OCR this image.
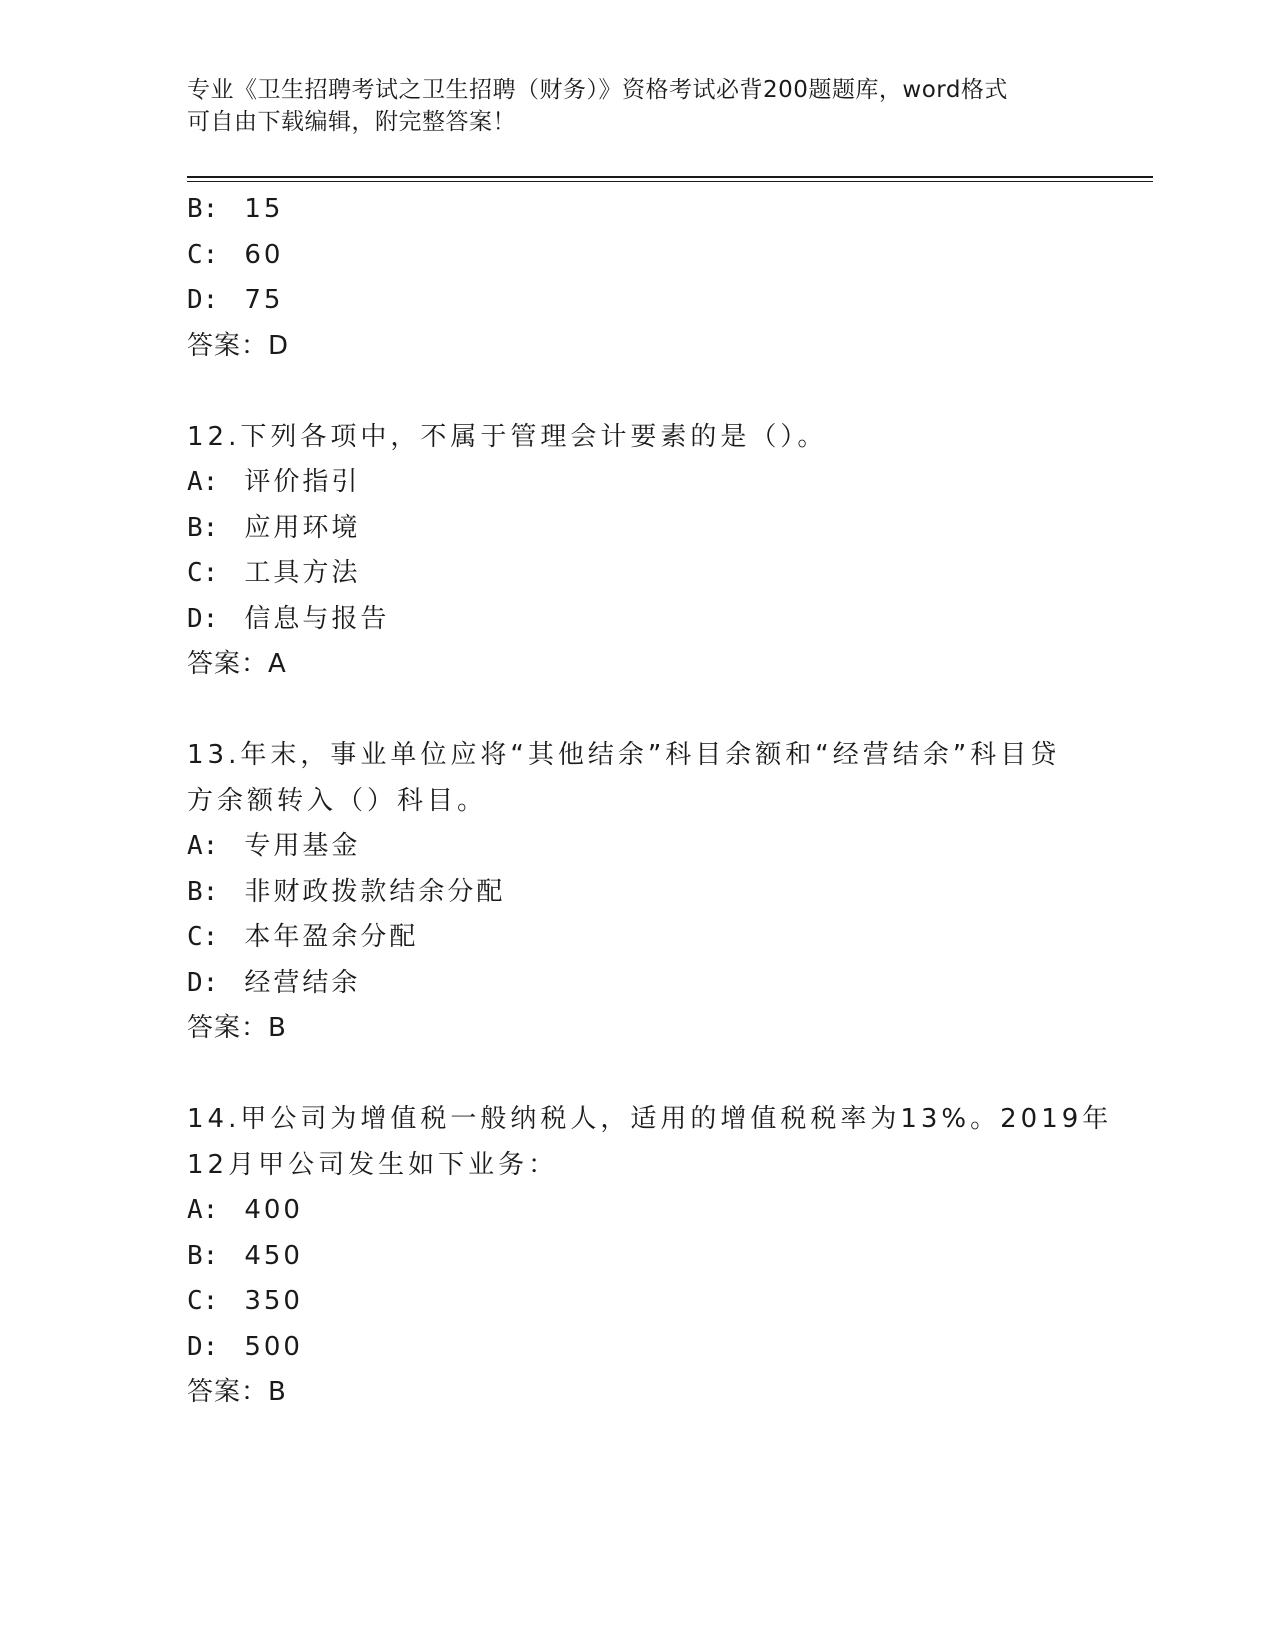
专业《卫生招聘考试之卫生招聘（财务）》资格考试必背200题题库，word格式
可自由下载编辑，附完整答案！
B: 15
C: 60
D: 75
答案：D
12.下列各项中，不属于管理会计要素的是（）。
A: 评价指引
B: 应用环境
C: 工具方法
D: 信息与报告
答案：A
13.年末，事业单位应将“其他结余”科目余额和“经营结余”科目贷
方余额转入（）科目。
A: 专用基金
B: 非财政拨款结余分配
C: 本年盈余分配
D: 经营结余
答案：B
14.甲公司为增值税一般纳税人，适用的增值税税率为13%。2019年
12月甲公司发生如下业务：
A: 400
B: 450
C: 350
D: 500
答案：B
